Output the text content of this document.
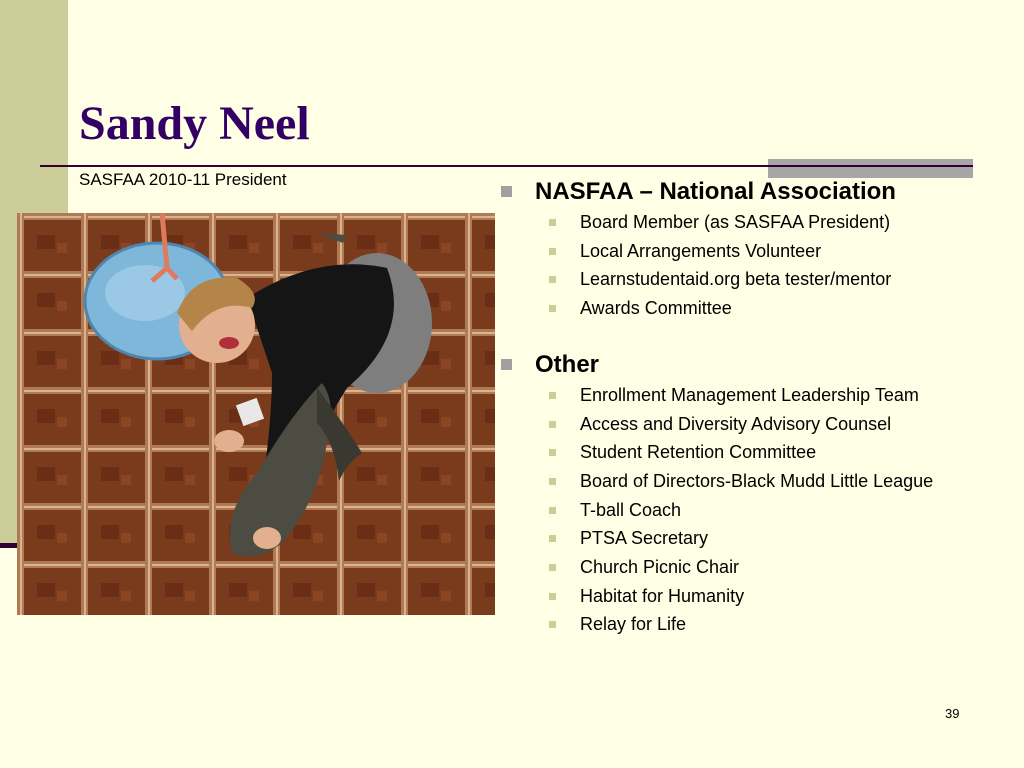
Sandy Neel
SASFAA 2010-11 President	NASFAA – National Association
Board Member (as SASFAA President)
Local Arrangements Volunteer
Learnstudentaid.org beta tester/mentor
Awards Committee
Other
Enrollment Management Leadership Team
Access and Diversity Advisory Counsel
Student Retention Committee
Board of Directors-Black Mudd Little League
T-ball Coach
PTSA Secretary
Church Picnic Chair
Habitat for Humanity
Relay for Life
39
